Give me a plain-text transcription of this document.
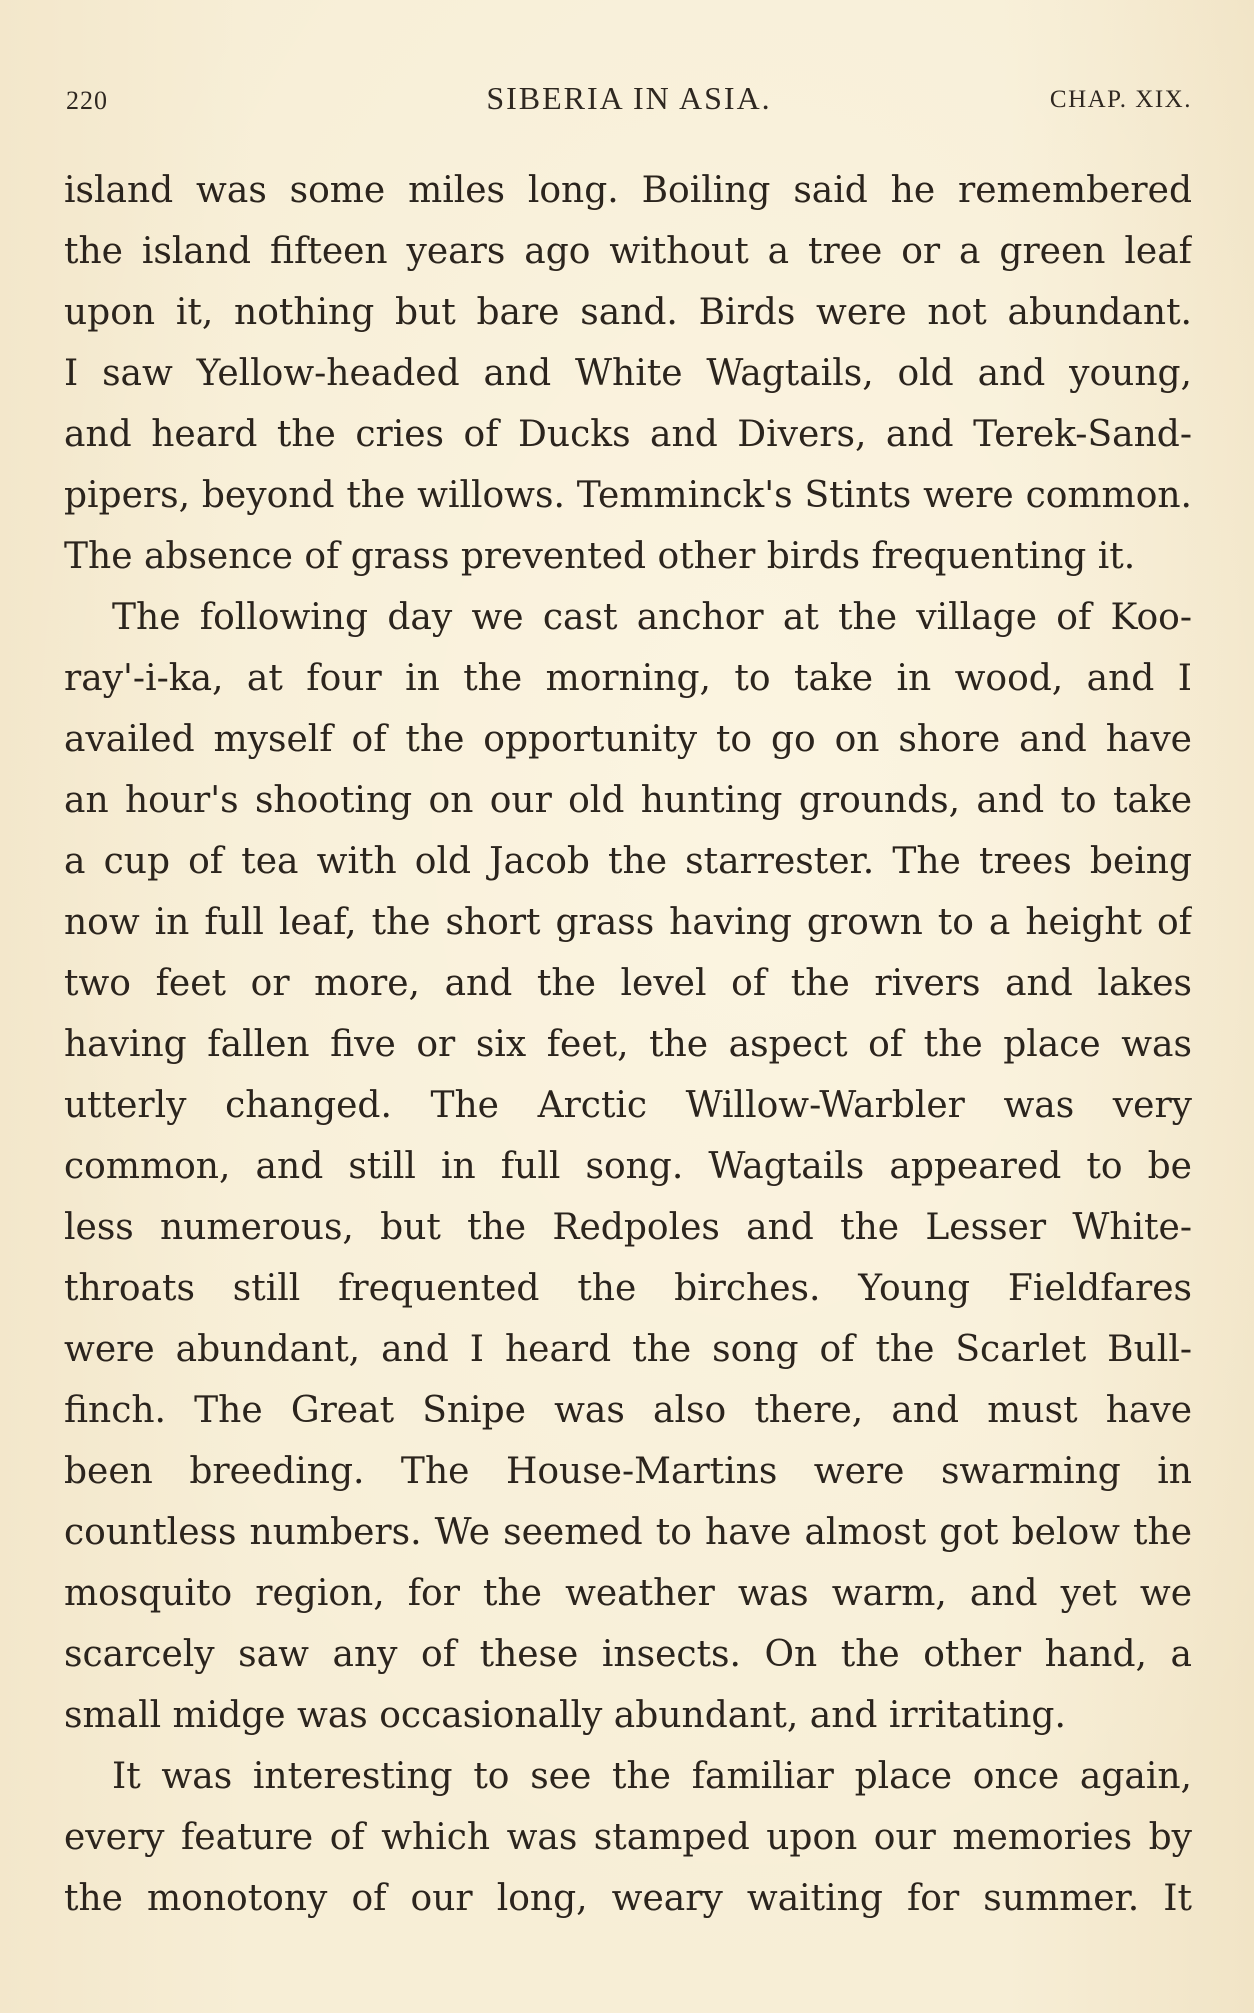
220	SIBERIA IN ASIA.	CHAP. XIX.
island was some miles long. Boiling said he remembered
the island fifteen years ago without a tree or a green leaf
upon it, nothing but bare sand. Birds were not abundant.
I saw Yellow-headed and White Wagtails, old and young,
and heard the cries of Ducks and Divers, and Terek-Sand-
pipers, beyond the willows. Temminck's Stints were common.
The absence of grass prevented other birds frequenting it.
The following day we cast anchor at the village of Koo-
ray'-i-ka, at four in the morning, to take in wood, and I
availed myself of the opportunity to go on shore and have
an hour's shooting on our old hunting grounds, and to take
a cup of tea with old Jacob the starrester. The trees being
now in full leaf, the short grass having grown to a height of
two feet or more, and the level of the rivers and lakes
having fallen five or six feet, the aspect of the place was
utterly changed. The Arctic Willow-Warbler was very
common, and still in full song. Wagtails appeared to be
less numerous, but the Redpoles and the Lesser White-
throats still frequented the birches. Young Fieldfares
were abundant, and I heard the song of the Scarlet Bull-
finch. The Great Snipe was also there, and must have
been breeding. The House-Martins were swarming in
countless numbers. We seemed to have almost got below the
mosquito region, for the weather was warm, and yet we
scarcely saw any of these insects. On the other hand, a
small midge was occasionally abundant, and irritating.
It was interesting to see the familiar place once again,
every feature of which was stamped upon our memories by
the monotony of our long, weary waiting for summer. It
